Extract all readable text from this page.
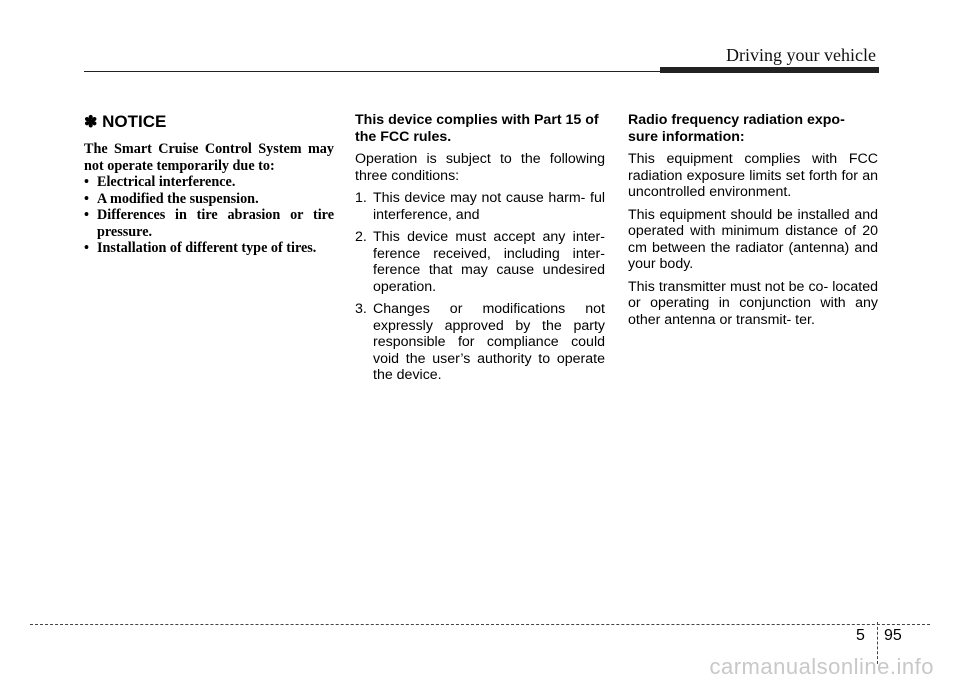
Driving your vehicle
✽ NOTICE

The Smart Cruise Control System may not operate temporarily due to:

• Electrical interference.
• A modified the suspension.
• Differences in tire abrasion or tire pressure.
• Installation of different type of tires.
This device complies with Part 15 of the FCC rules.

Operation is subject to the following three conditions:

1. This device may not cause harm- ful interference, and
2. This device must accept any inter- ference received, including inter- ference that may cause undesired operation.
3. Changes or modifications not expressly approved by the party responsible for compliance could void the user’s authority to operate the device.
Radio frequency radiation expo- sure information:

This equipment complies with FCC radiation exposure limits set forth for an uncontrolled environment.

This equipment should be installed and operated with minimum distance of 20 cm between the radiator (antenna) and your body.

This transmitter must not be co- located or operating in conjunction with any other antenna or transmit- ter.

5 95
carmanualsonline.info
